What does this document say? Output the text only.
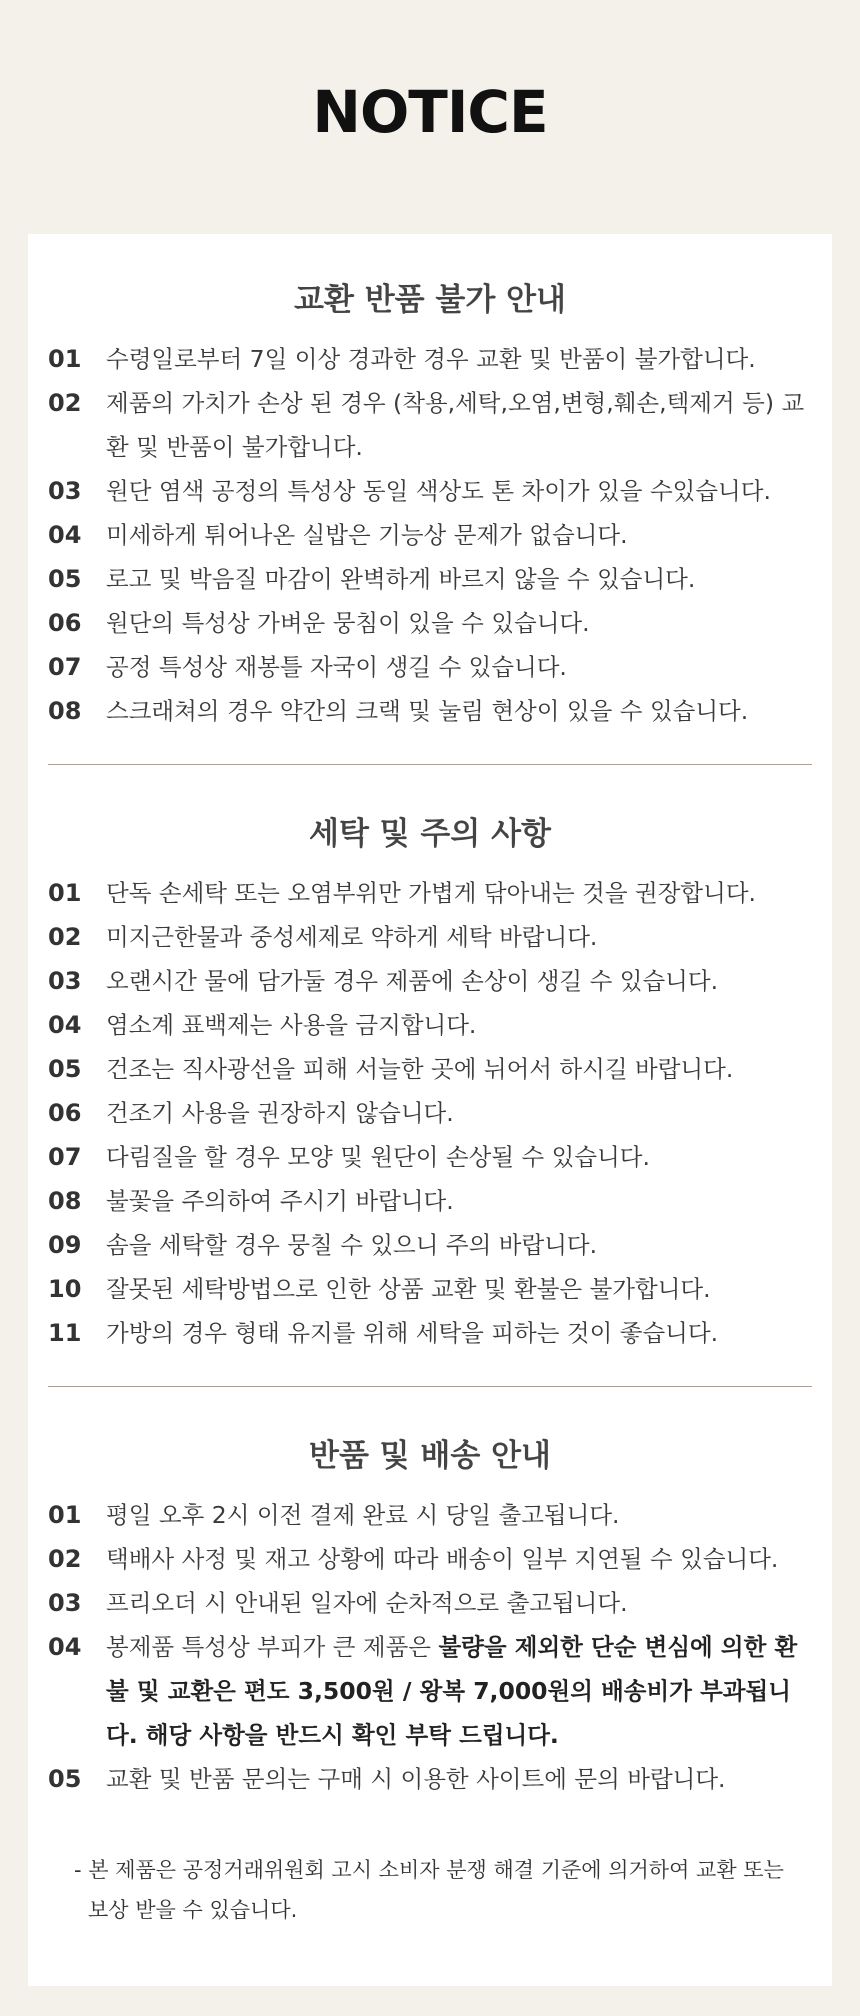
NOTICE
교환 반품 불가 안내
01	수령일로부터 7일 이상 경과한 경우 교환 및 반품이 불가합니다.
02	제품의 가치가 손상 된 경우 (착용,세탁,오염,변형,훼손,텍제거 등) 교환 및 반품이 불가합니다.
03	원단 염색 공정의 특성상 동일 색상도 톤 차이가 있을 수있습니다.
04	미세하게 튀어나온 실밥은 기능상 문제가 없습니다.
05	로고 및 박음질 마감이 완벽하게 바르지 않을 수 있습니다.
06	원단의 특성상 가벼운 뭉침이 있을 수 있습니다.
07	공정 특성상 재봉틀 자국이 생길 수 있습니다.
08	스크래쳐의 경우 약간의 크랙 및 눌림 현상이 있을 수 있습니다.
세탁 및 주의 사항
01	단독 손세탁 또는 오염부위만 가볍게 닦아내는 것을 권장합니다.
02	미지근한물과 중성세제로 약하게 세탁 바랍니다.
03	오랜시간 물에 담가둘 경우 제품에 손상이 생길 수 있습니다.
04	염소계 표백제는 사용을 금지합니다.
05	건조는 직사광선을 피해 서늘한 곳에 뉘어서 하시길 바랍니다.
06	건조기 사용을 권장하지 않습니다.
07	다림질을 할 경우 모양 및 원단이 손상될 수 있습니다.
08	불꽃을 주의하여 주시기 바랍니다.
09	솜을 세탁할 경우 뭉칠 수 있으니 주의 바랍니다.
10	잘못된 세탁방법으로 인한 상품 교환 및 환불은 불가합니다.
11	가방의 경우 형태 유지를 위해 세탁을 피하는 것이 좋습니다.
반품 및 배송 안내
01	평일 오후 2시 이전 결제 완료 시 당일 출고됩니다.
02	택배사 사정 및 재고 상황에 따라 배송이 일부 지연될 수 있습니다.
03	프리오더 시 안내된 일자에 순차적으로 출고됩니다.
04	봉제품 특성상 부피가 큰 제품은 불량을 제외한 단순 변심에 의한 환불 및 교환은 편도 3,500원 / 왕복 7,000원의 배송비가 부과됩니다. 해당 사항을 반드시 확인 부탁 드립니다.
05	교환 및 반품 문의는 구매 시 이용한 사이트에 문의 바랍니다.
- 본 제품은 공정거래위원회 고시 소비자 분쟁 해결 기준에 의거하여 교환 또는
보상 받을 수 있습니다.
